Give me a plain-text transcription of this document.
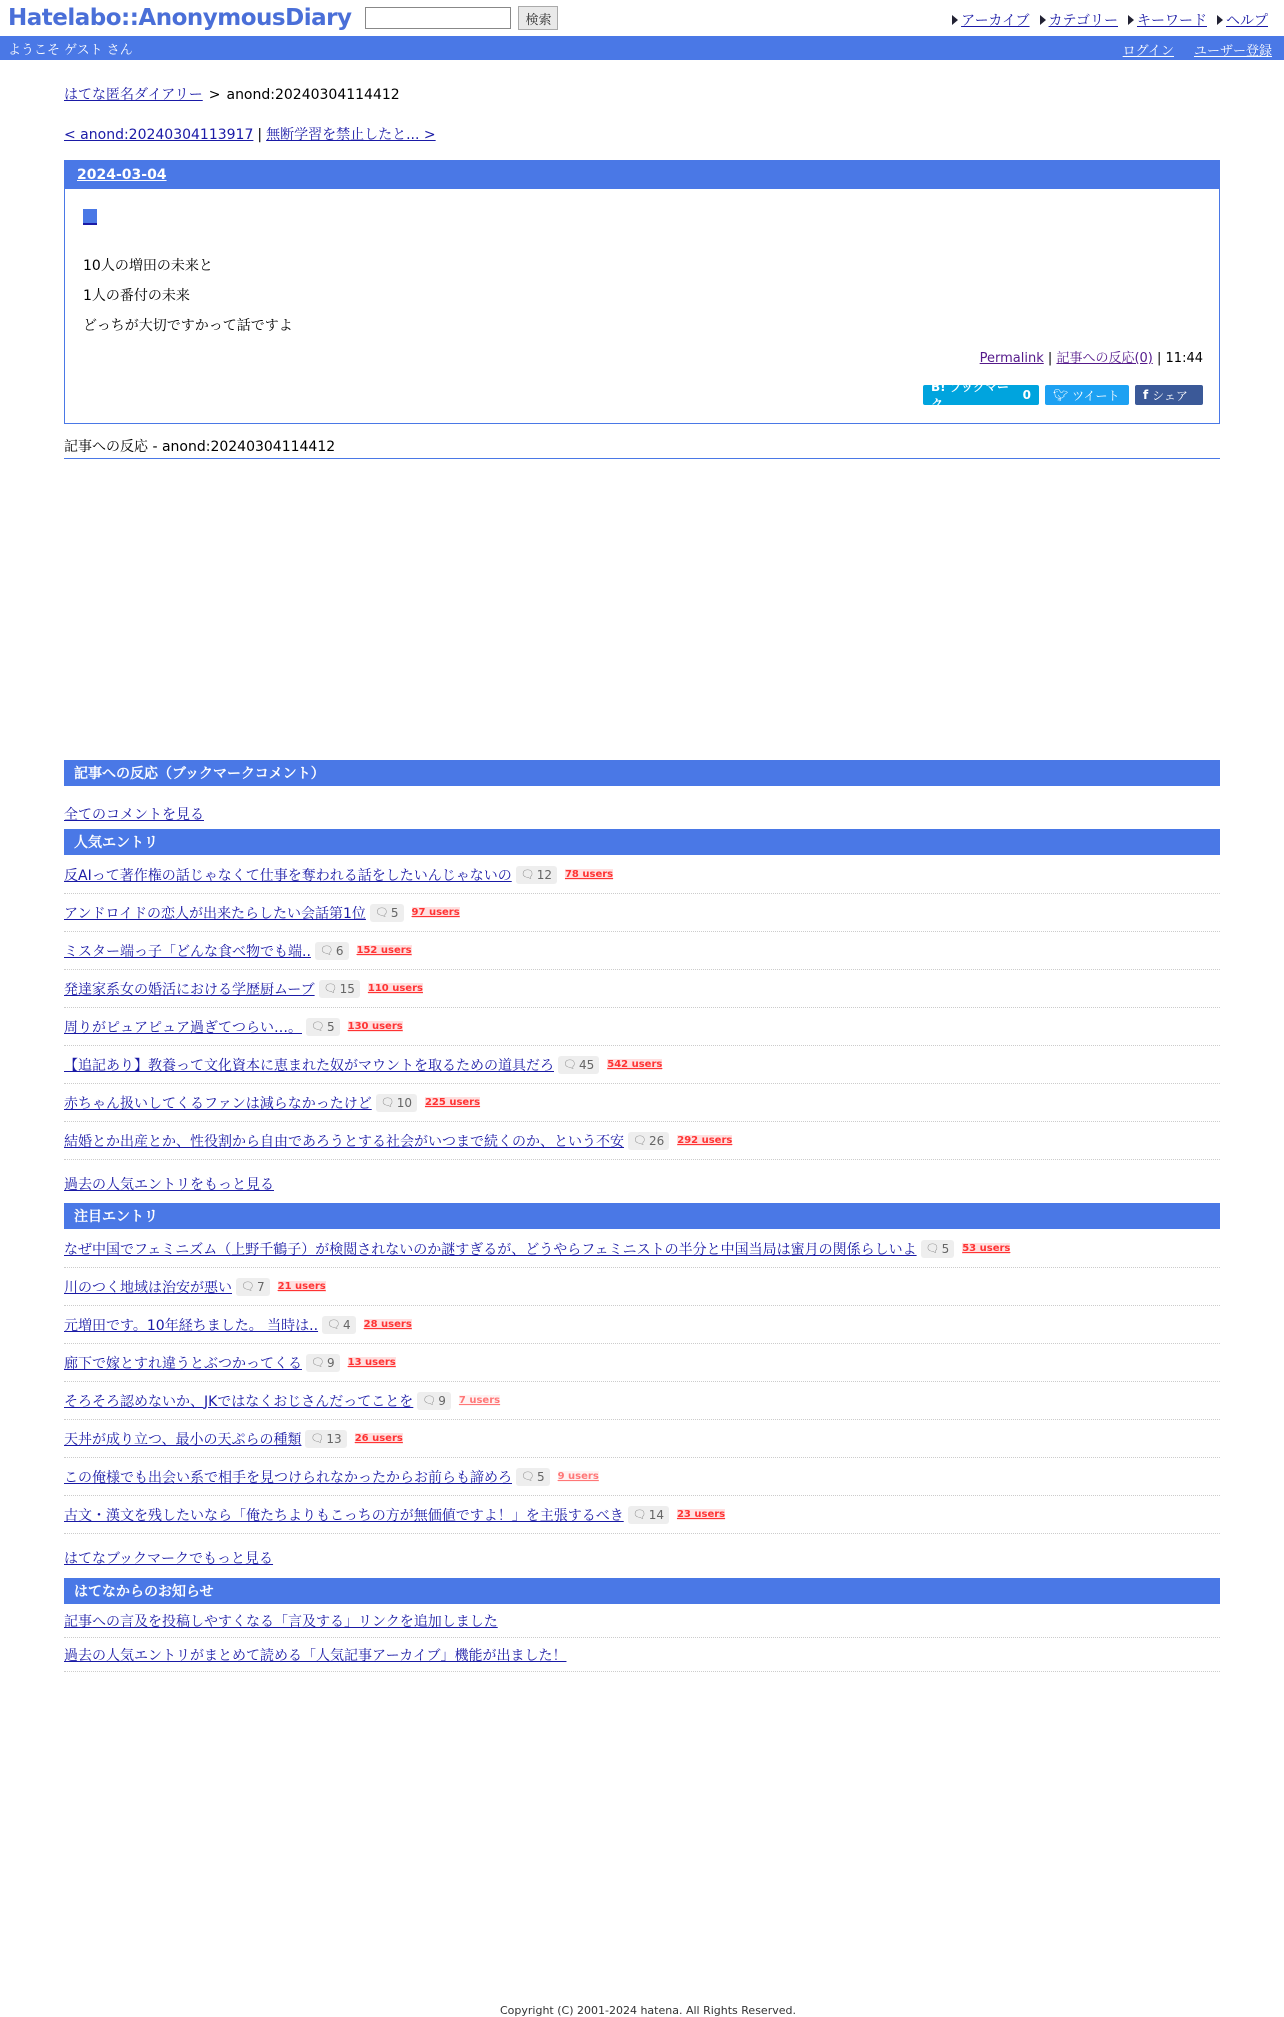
Hatelabo::AnonymousDiary	検索	アーカイブ カテゴリー キーワード ヘルプ
ようこそ ゲスト さん	ログイン ユーザー登録
はてな匿名ダイアリー > anond:20240304114412
< anond:20240304113917 | 無断学習を禁止したと... >
2024-03-04
10人の増田の未来と
1人の番付の未来
どっちが大切ですかって話ですよ
Permalink | 記事への反応(0) | 11:44
B! ブックマーク

0 🐦︎
ツイート f
シェア
記事への反応 - anond:20240304114412
記事への反応（ブックマークコメント）
全てのコメントを見る
人気エントリ
反AIって著作権の話じゃなくて仕事を奪われる話をしたいんじゃないの 🗨︎ 12 78 users
アンドロイドの恋人が出来たらしたい会話第1位 🗨︎ 5 97 users
ミスター端っ子「どんな食べ物でも端.. 🗨︎ 6 152 users
発達家系女の婚活における学歴厨ムーブ 🗨︎ 15 110 users
周りがピュアピュア過ぎてつらい…。 🗨︎ 5 130 users
【追記あり】教養って文化資本に恵まれた奴がマウントを取るための道具だろ 🗨︎ 45 542 users
赤ちゃん扱いしてくるファンは減らなかったけど 🗨︎ 10 225 users
結婚とか出産とか、性役割から自由であろうとする社会がいつまで続くのか、という不安 🗨︎ 26 292 users
過去の人気エントリをもっと見る
注目エントリ
なぜ中国でフェミニズム（上野千鶴子）が検閲されないのか謎すぎるが、どうやらフェミニストの半分と中国当局は蜜月の関係らしいよ 🗨︎ 5 53 users
川のつく地域は治安が悪い 🗨︎ 7 21 users
元増田です。10年経ちました。 当時は.. 🗨︎ 4 28 users
廊下で嫁とすれ違うとぶつかってくる 🗨︎ 9 13 users
そろそろ認めないか、JKではなくおじさんだってことを 🗨︎ 9 7 users
天丼が成り立つ、最小の天ぷらの種類 🗨︎ 13 26 users
この俺様でも出会い系で相手を見つけられなかったからお前らも諦めろ 🗨︎ 5 9 users
古文・漢文を残したいなら「俺たちよりもこっちの方が無価値ですよ！」を主張するべき 🗨︎ 14 23 users
はてなブックマークでもっと見る
はてなからのお知らせ
記事への言及を投稿しやすくなる「言及する」リンクを追加しました
過去の人気エントリがまとめて読める「人気記事アーカイブ」機能が出ました！
Copyright (C) 2001-2024 hatena. All Rights Reserved.
